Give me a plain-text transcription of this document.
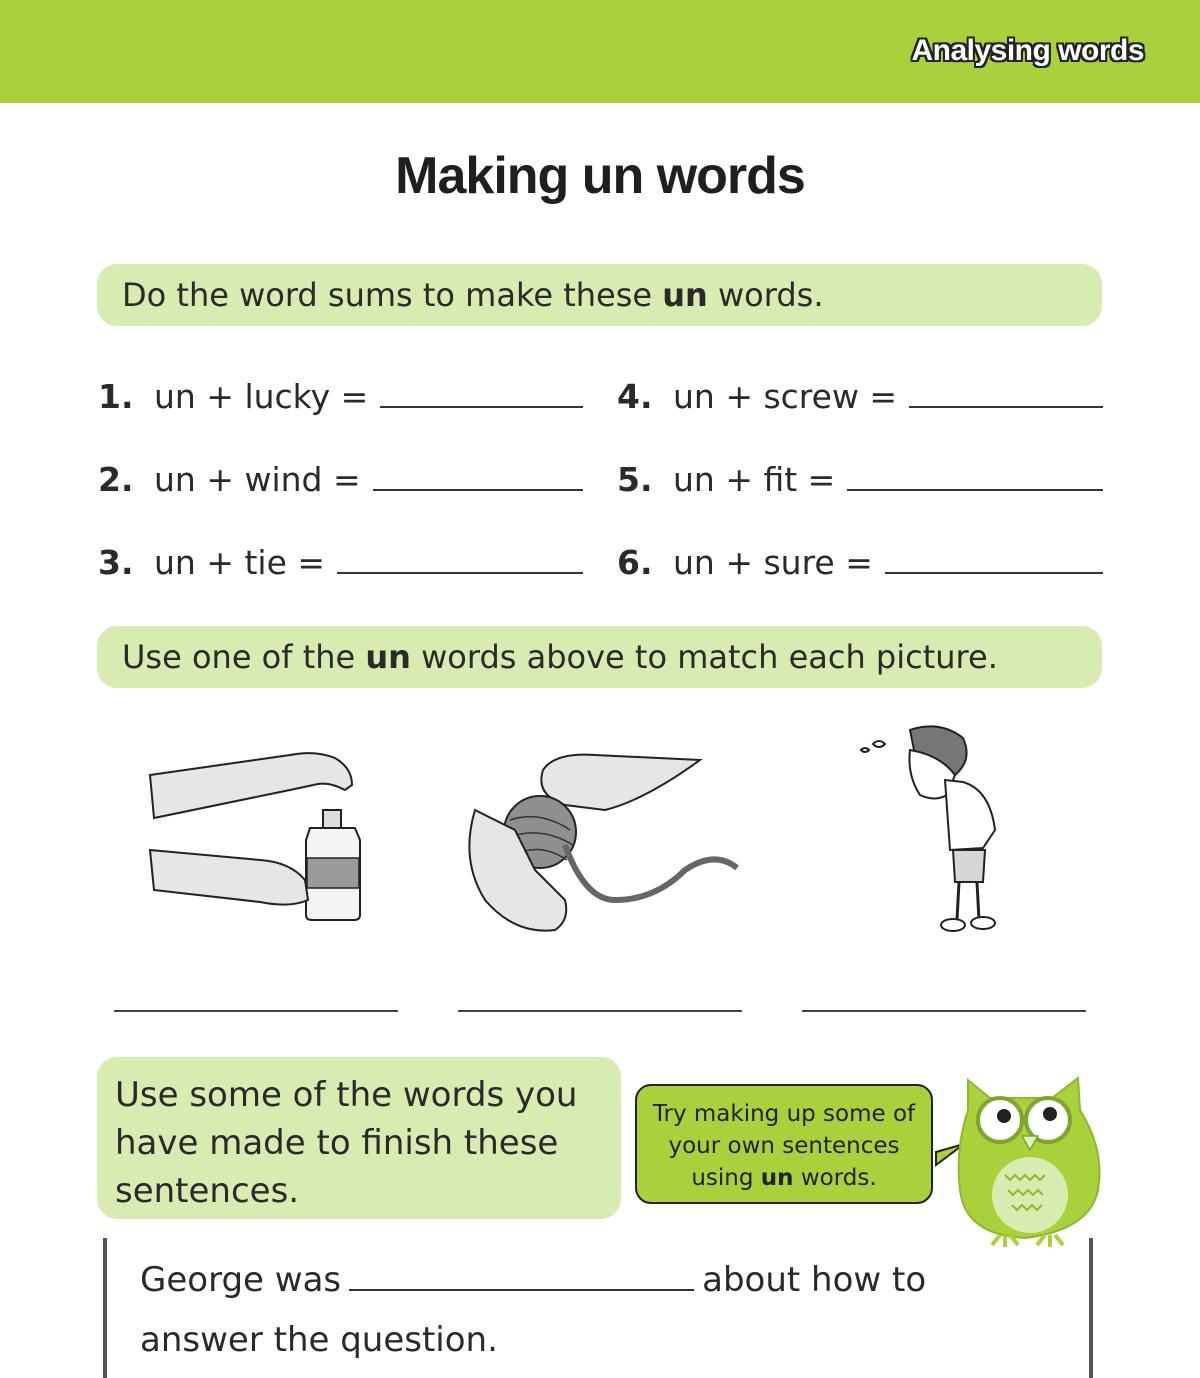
Analysing words
Making un words
Do the word sums to make these un words.
1. un + lucky =
2. un + wind =
3. un + tie =
4. un + screw =
5. un + fit =
6. un + sure =
Use one of the un words above to match each picture.
Use some of the words you have made to finish these sentences.
Try making up some of your own sentences using un words.
George was	about how to answer the question.
